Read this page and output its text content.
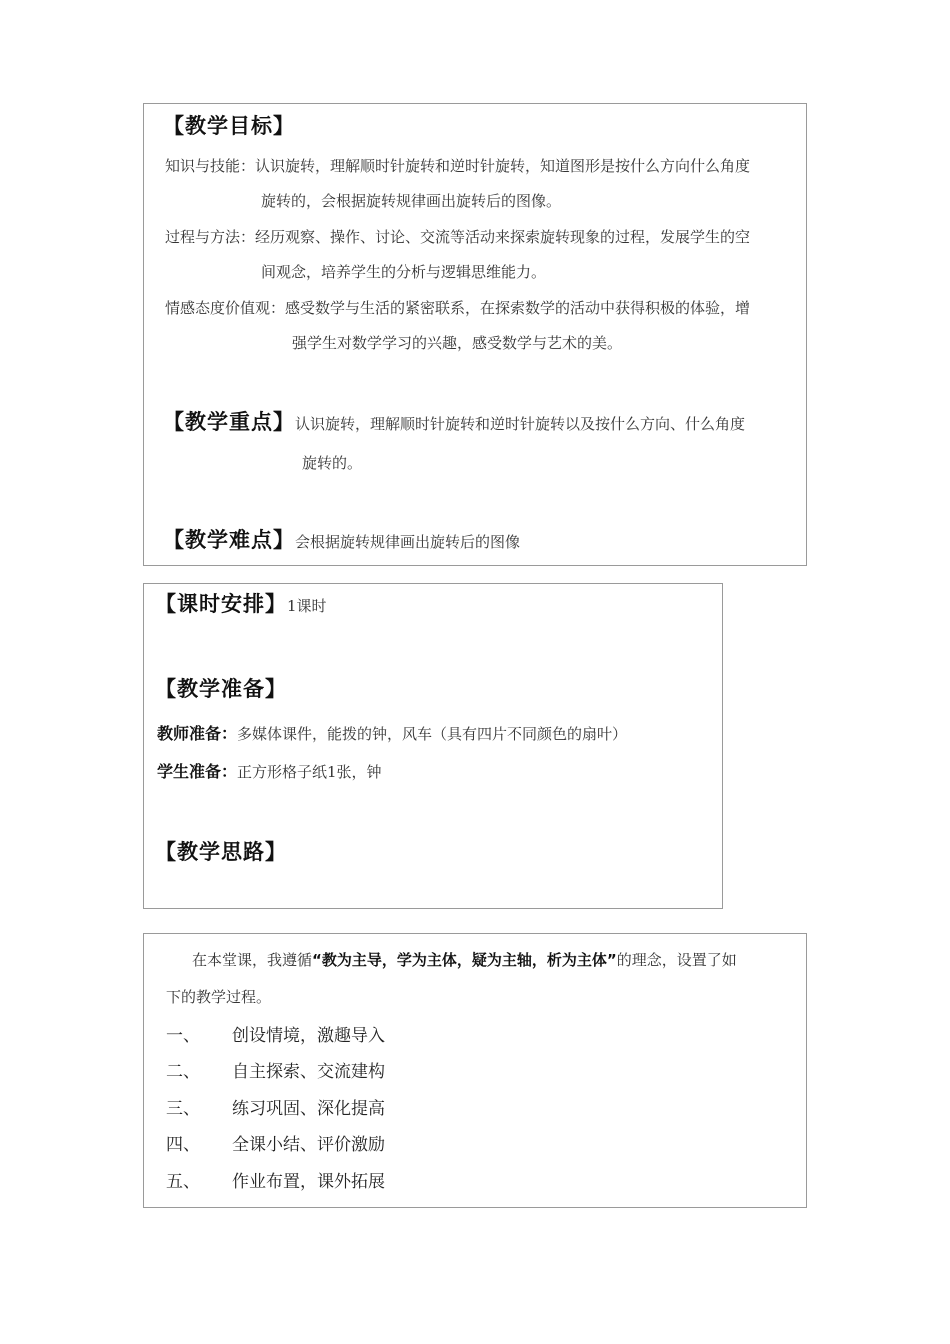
【教学目标】
知识与技能：认识旋转，理解顺时针旋转和逆时针旋转，知道图形是按什么方向什么角度
旋转的，会根据旋转规律画出旋转后的图像。
过程与方法：经历观察、操作、讨论、交流等活动来探索旋转现象的过程，发展学生的空
间观念，培养学生的分析与逻辑思维能力。
情感态度价值观：感受数学与生活的紧密联系，在探索数学的活动中获得积极的体验，增
强学生对数学学习的兴趣，感受数学与艺术的美。
【教学重点】认识旋转，理解顺时针旋转和逆时针旋转以及按什么方向、什么角度
旋转的。
【教学难点】会根据旋转规律画出旋转后的图像
【课时安排】1课时
【教学准备】
教师准备：多媒体课件，能拨的钟，风车（具有四片不同颜色的扇叶）
学生准备：正方形格子纸1张，钟
【教学思路】
在本堂课，我遵循“教为主导，学为主体，疑为主轴，析为主体”的理念，设置了如
下的教学过程。
一、 创设情境，激趣导入
二、 自主探索、交流建构
三、 练习巩固、深化提高
四、 全课小结、评价激励
五、 作业布置，课外拓展
